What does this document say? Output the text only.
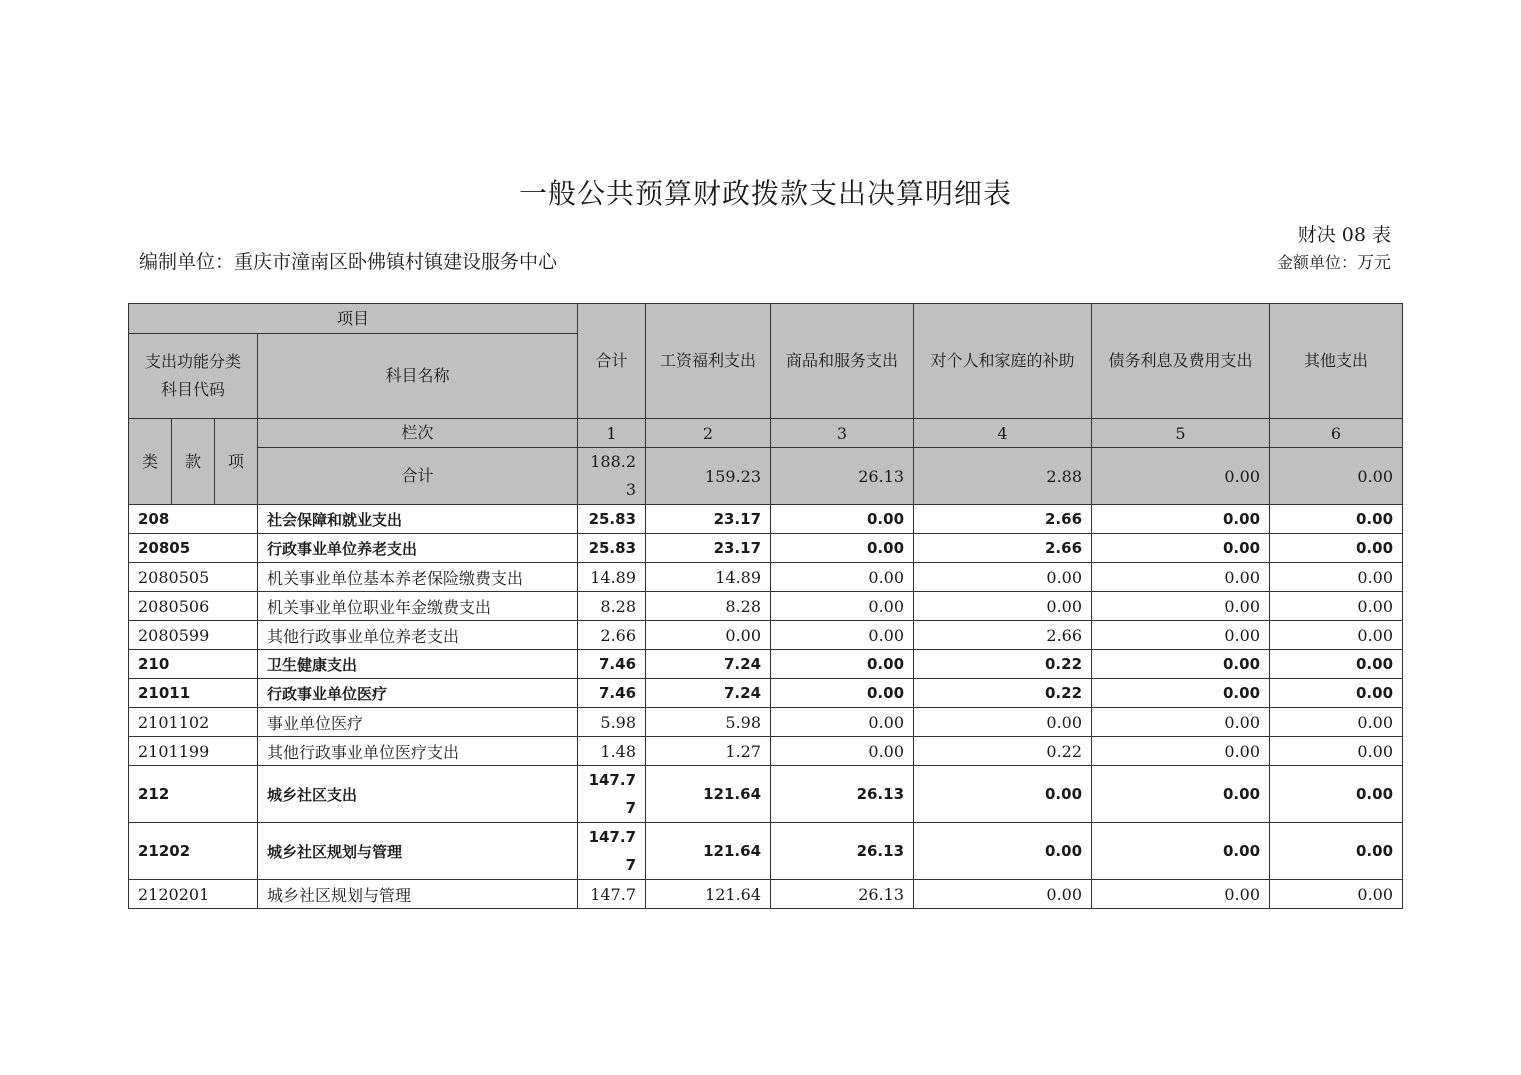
一般公共预算财政拨款支出决算明细表
财决 08 表
编制单位：重庆市潼南区卧佛镇村镇建设服务中心	金额单位：万元
项目				合计	工资福利支出	商品和服务支出	对个人和家庭的补助	债务利息及费用支出	其他支出
支出功能分类科目代码			科目名称						
类	款	项	栏次	1	2	3	4	5	6
			合计	188.23	159.23	26.13	2.88	0.00	0.00
208			社会保障和就业支出	25.83	23.17	0.00	2.66	0.00	0.00
20805			行政事业单位养老支出	25.83	23.17	0.00	2.66	0.00	0.00
2080505			机关事业单位基本养老保险缴费支出	14.89	14.89	0.00	0.00	0.00	0.00
2080506			机关事业单位职业年金缴费支出	8.28	8.28	0.00	0.00	0.00	0.00
2080599			其他行政事业单位养老支出	2.66	0.00	0.00	2.66	0.00	0.00
210			卫生健康支出	7.46	7.24	0.00	0.22	0.00	0.00
21011			行政事业单位医疗	7.46	7.24	0.00	0.22	0.00	0.00
2101102			事业单位医疗	5.98	5.98	0.00	0.00	0.00	0.00
2101199			其他行政事业单位医疗支出	1.48	1.27	0.00	0.22	0.00	0.00
212			城乡社区支出	147.77	121.64	26.13	0.00	0.00	0.00
21202			城乡社区规划与管理	147.77	121.64	26.13	0.00	0.00	0.00
2120201			城乡社区规划与管理	147.7	121.64	26.13	0.00	0.00	0.00
